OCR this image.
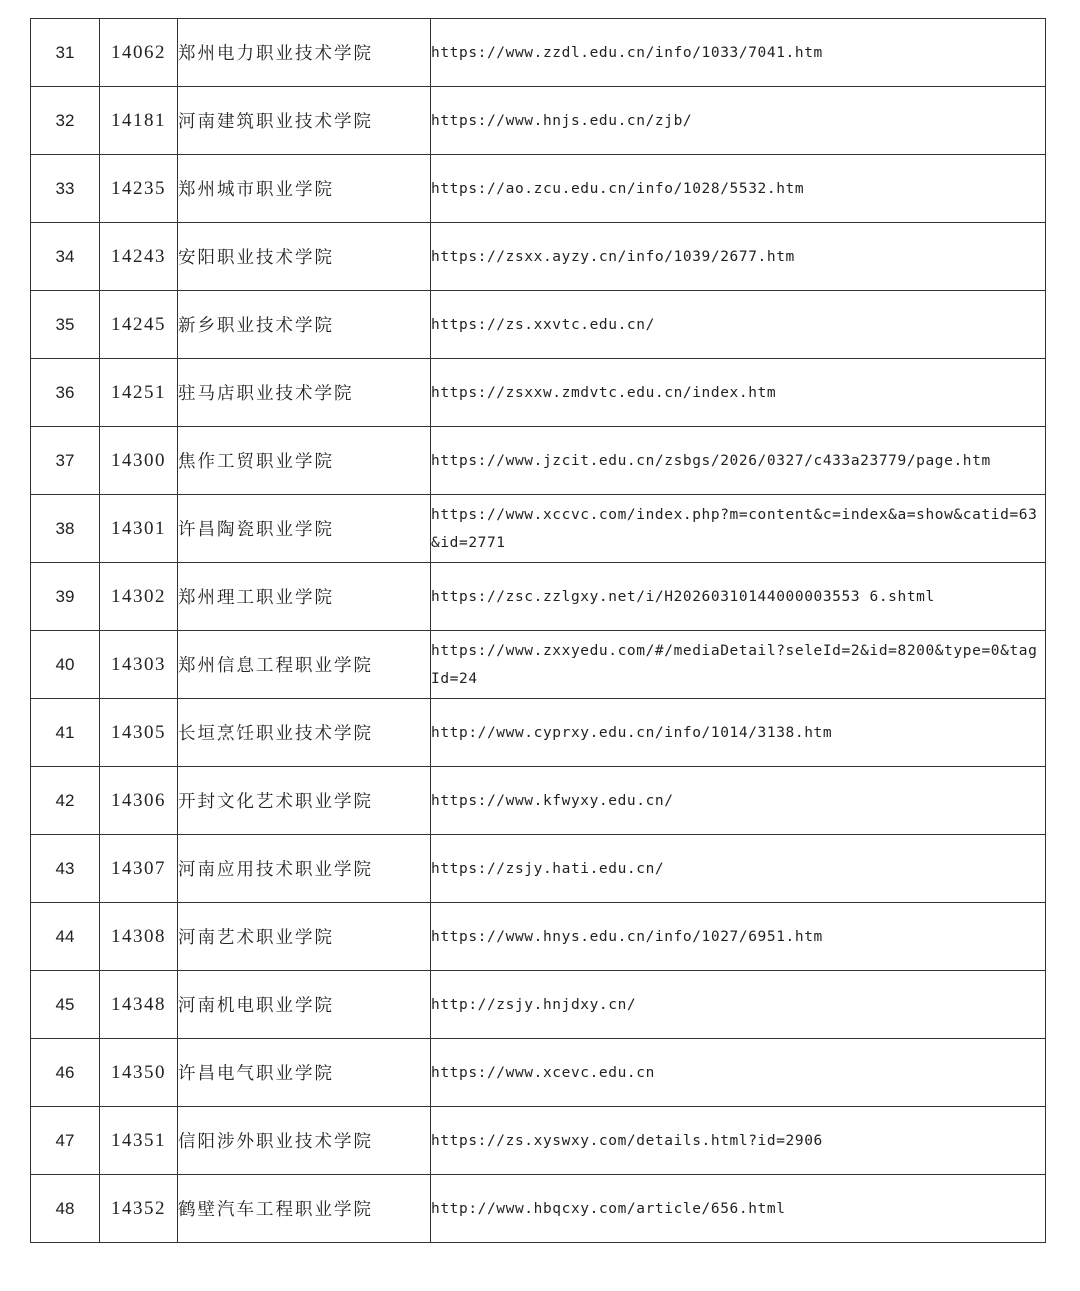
31	14062	郑州电力职业技术学院	https://www.zzdl.edu.cn/info/1033/7041.htm
32	14181	河南建筑职业技术学院	https://www.hnjs.edu.cn/zjb/
33	14235	郑州城市职业学院	https://ao.zcu.edu.cn/info/1028/5532.htm
34	14243	安阳职业技术学院	https://zsxx.ayzy.cn/info/1039/2677.htm
35	14245	新乡职业技术学院	https://zs.xxvtc.edu.cn/
36	14251	驻马店职业技术学院	https://zsxxw.zmdvtc.edu.cn/index.htm
37	14300	焦作工贸职业学院	https://www.jzcit.edu.cn/zsbgs/2026/0327/c433a23779/page.htm
38	14301	许昌陶瓷职业学院	https://www.xccvc.com/index.php?m=content&c=index&a=show&catid=63&id=2771
39	14302	郑州理工职业学院	https://zsc.zzlgxy.net/i/H20260310144000003553 6.shtml
40	14303	郑州信息工程职业学院	https://www.zxxyedu.com/#/mediaDetail?seleId=2&id=8200&type=0&tagId=24
41	14305	长垣烹饪职业技术学院	http://www.cyprxy.edu.cn/info/1014/3138.htm
42	14306	开封文化艺术职业学院	https://www.kfwyxy.edu.cn/
43	14307	河南应用技术职业学院	https://zsjy.hati.edu.cn/
44	14308	河南艺术职业学院	https://www.hnys.edu.cn/info/1027/6951.htm
45	14348	河南机电职业学院	http://zsjy.hnjdxy.cn/
46	14350	许昌电气职业学院	https://www.xcevc.edu.cn
47	14351	信阳涉外职业技术学院	https://zs.xyswxy.com/details.html?id=2906
48	14352	鹤壁汽车工程职业学院	http://www.hbqcxy.com/article/656.html
